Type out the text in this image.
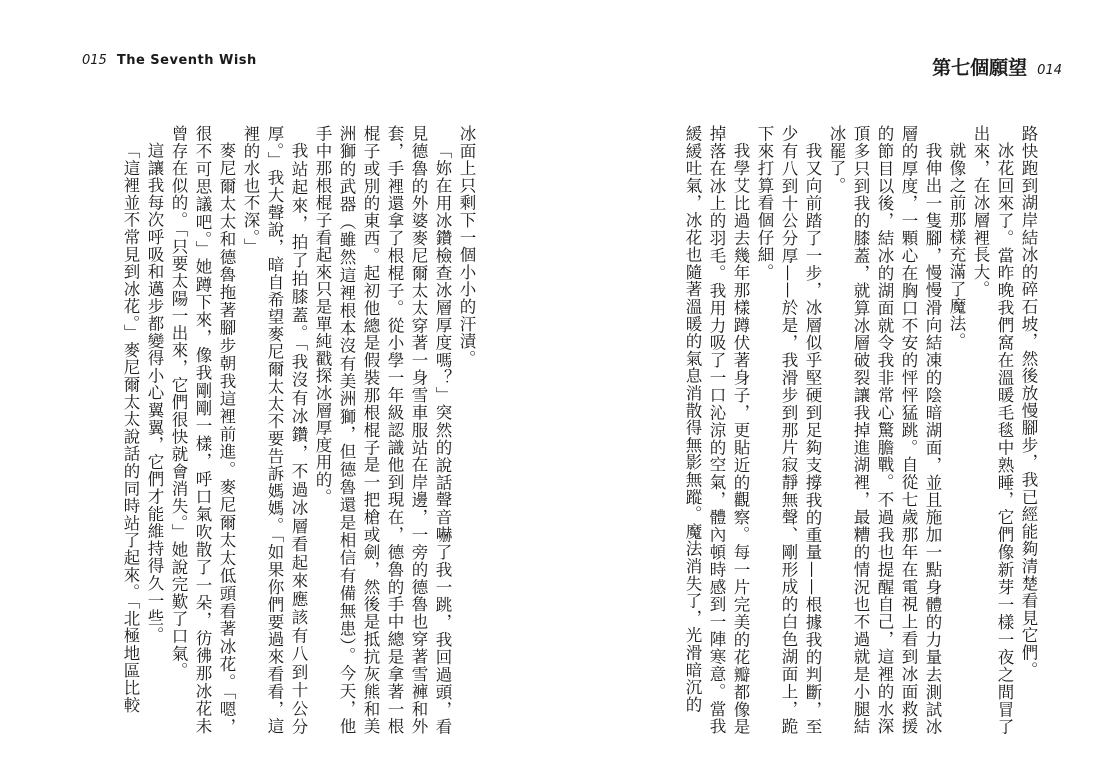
015 The Seventh Wish	第七個願望 014

路快跑到湖岸結冰的碎石坡，然後放慢腳步，我已經能夠清楚看見它們。

冰花回來了。當昨晚我們窩在溫暖毛毯中熟睡，它們像新芽一樣一夜之間冒了出來，在冰層裡長大。

就像之前那樣充滿了魔法。

我伸出一隻腳，慢慢滑向結凍的陰暗湖面，並且施加一點身體的力量去測試冰層的厚度，一顆心在胸口不安的怦怦猛跳。自從七歲那年在電視上看到冰面救援的節目以後，結冰的湖面就令我非常心驚膽戰。不過我也提醒自己，這裡的水深頂多只到我的膝蓋，就算冰層破裂讓我掉進湖裡，最糟的情況也不過就是小腿結冰罷了。

我又向前踏了一步，冰層似乎堅硬到足夠支撐我的重量——根據我的判斷，至少有八到十公分厚——於是，我滑步到那片寂靜無聲、剛形成的白色湖面上，跪下來打算看個仔細。

我學艾比過去幾年那樣蹲伏著身子，更貼近的觀察。每一片完美的花瓣都像是掉落在冰上的羽毛。我用力吸了一口沁涼的空氣，體內頓時感到一陣寒意。當我緩緩吐氣，冰花也隨著溫暖的氣息消散得無影無蹤。魔法消失了，光滑暗沉的

冰面上只剩下一個小小的汗漬。

「妳在用冰鑽檢查冰層厚度嗎？」突然的說話聲音嚇了我一跳，我回過頭，看見德魯的外婆麥尼爾太太穿著一身雪車服站在岸邊，一旁的德魯也穿著雪褲和外套，手裡還拿了根棍子。從小學一年級認識他到現在，德魯的手中總是拿著一根棍子或別的東西。起初他總是假裝那根棍子是一把槍或劍，然後是抵抗灰熊和美洲獅的武器（雖然這裡根本沒有美洲獅，但德魯還是相信有備無患）。今天，他手中那根棍子看起來只是單純戳探冰層厚度用的。

我站起來，拍了拍膝蓋。「我沒有冰鑽，不過冰層看起來應該有八到十公分厚。」我大聲說，暗自希望麥尼爾太太不要告訴媽媽。「如果你們要過來看看，這裡的水也不深。」

麥尼爾太太和德魯拖著腳步朝我這裡前進。麥尼爾太太低頭看著冰花。「嗯，很不可思議吧。」她蹲下來，像我剛剛一樣，呼口氣吹散了一朵，彷彿那冰花未曾存在似的。「只要太陽一出來，它們很快就會消失。」她說完歎了口氣。

這讓我每次呼吸和邁步都變得小心翼翼，它們才能維持得久一些。

「這裡並不常見到冰花。」麥尼爾太太說話的同時站了起來。「北極地區比較
